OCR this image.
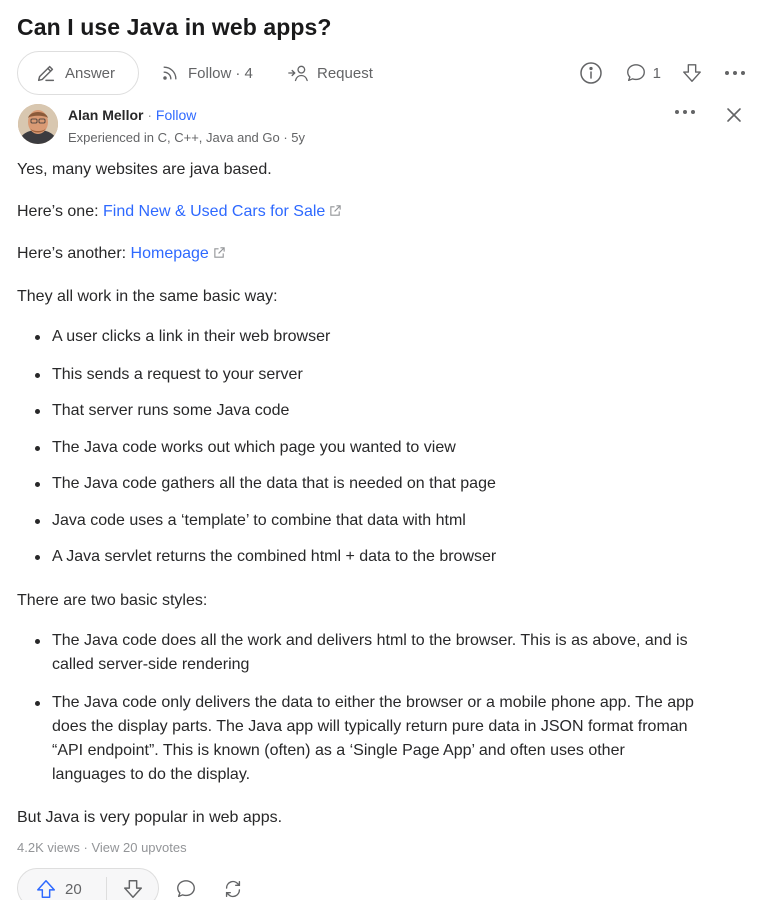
Can I use Java in web apps?
Answer	Follow · 4	Request	1
Alan Mellor · Follow
Experienced in C, C++, Java and Go · 5y
Yes, many websites are java based.
Here’s one: Find New & Used Cars for Sale
Here’s another: Homepage
They all work in the same basic way:
A user clicks a link in their web browser
This sends a request to your server
That server runs some Java code
The Java code works out which page you wanted to view
The Java code gathers all the data that is needed on that page
Java code uses a ‘template’ to combine that data with html
A Java servlet returns the combined html + data to the browser
There are two basic styles:
The Java code does all the work and delivers html to the browser. This is as above, and is called server-side rendering
The Java code only delivers the data to either the browser or a mobile phone app. The app does the display parts. The Java app will typically return pure data in JSON format froman “API endpoint”. This is known (often) as a ‘Single Page App’ and often uses other languages to do the display.
But Java is very popular in web apps.
4.2K views · View 20 upvotes
20
